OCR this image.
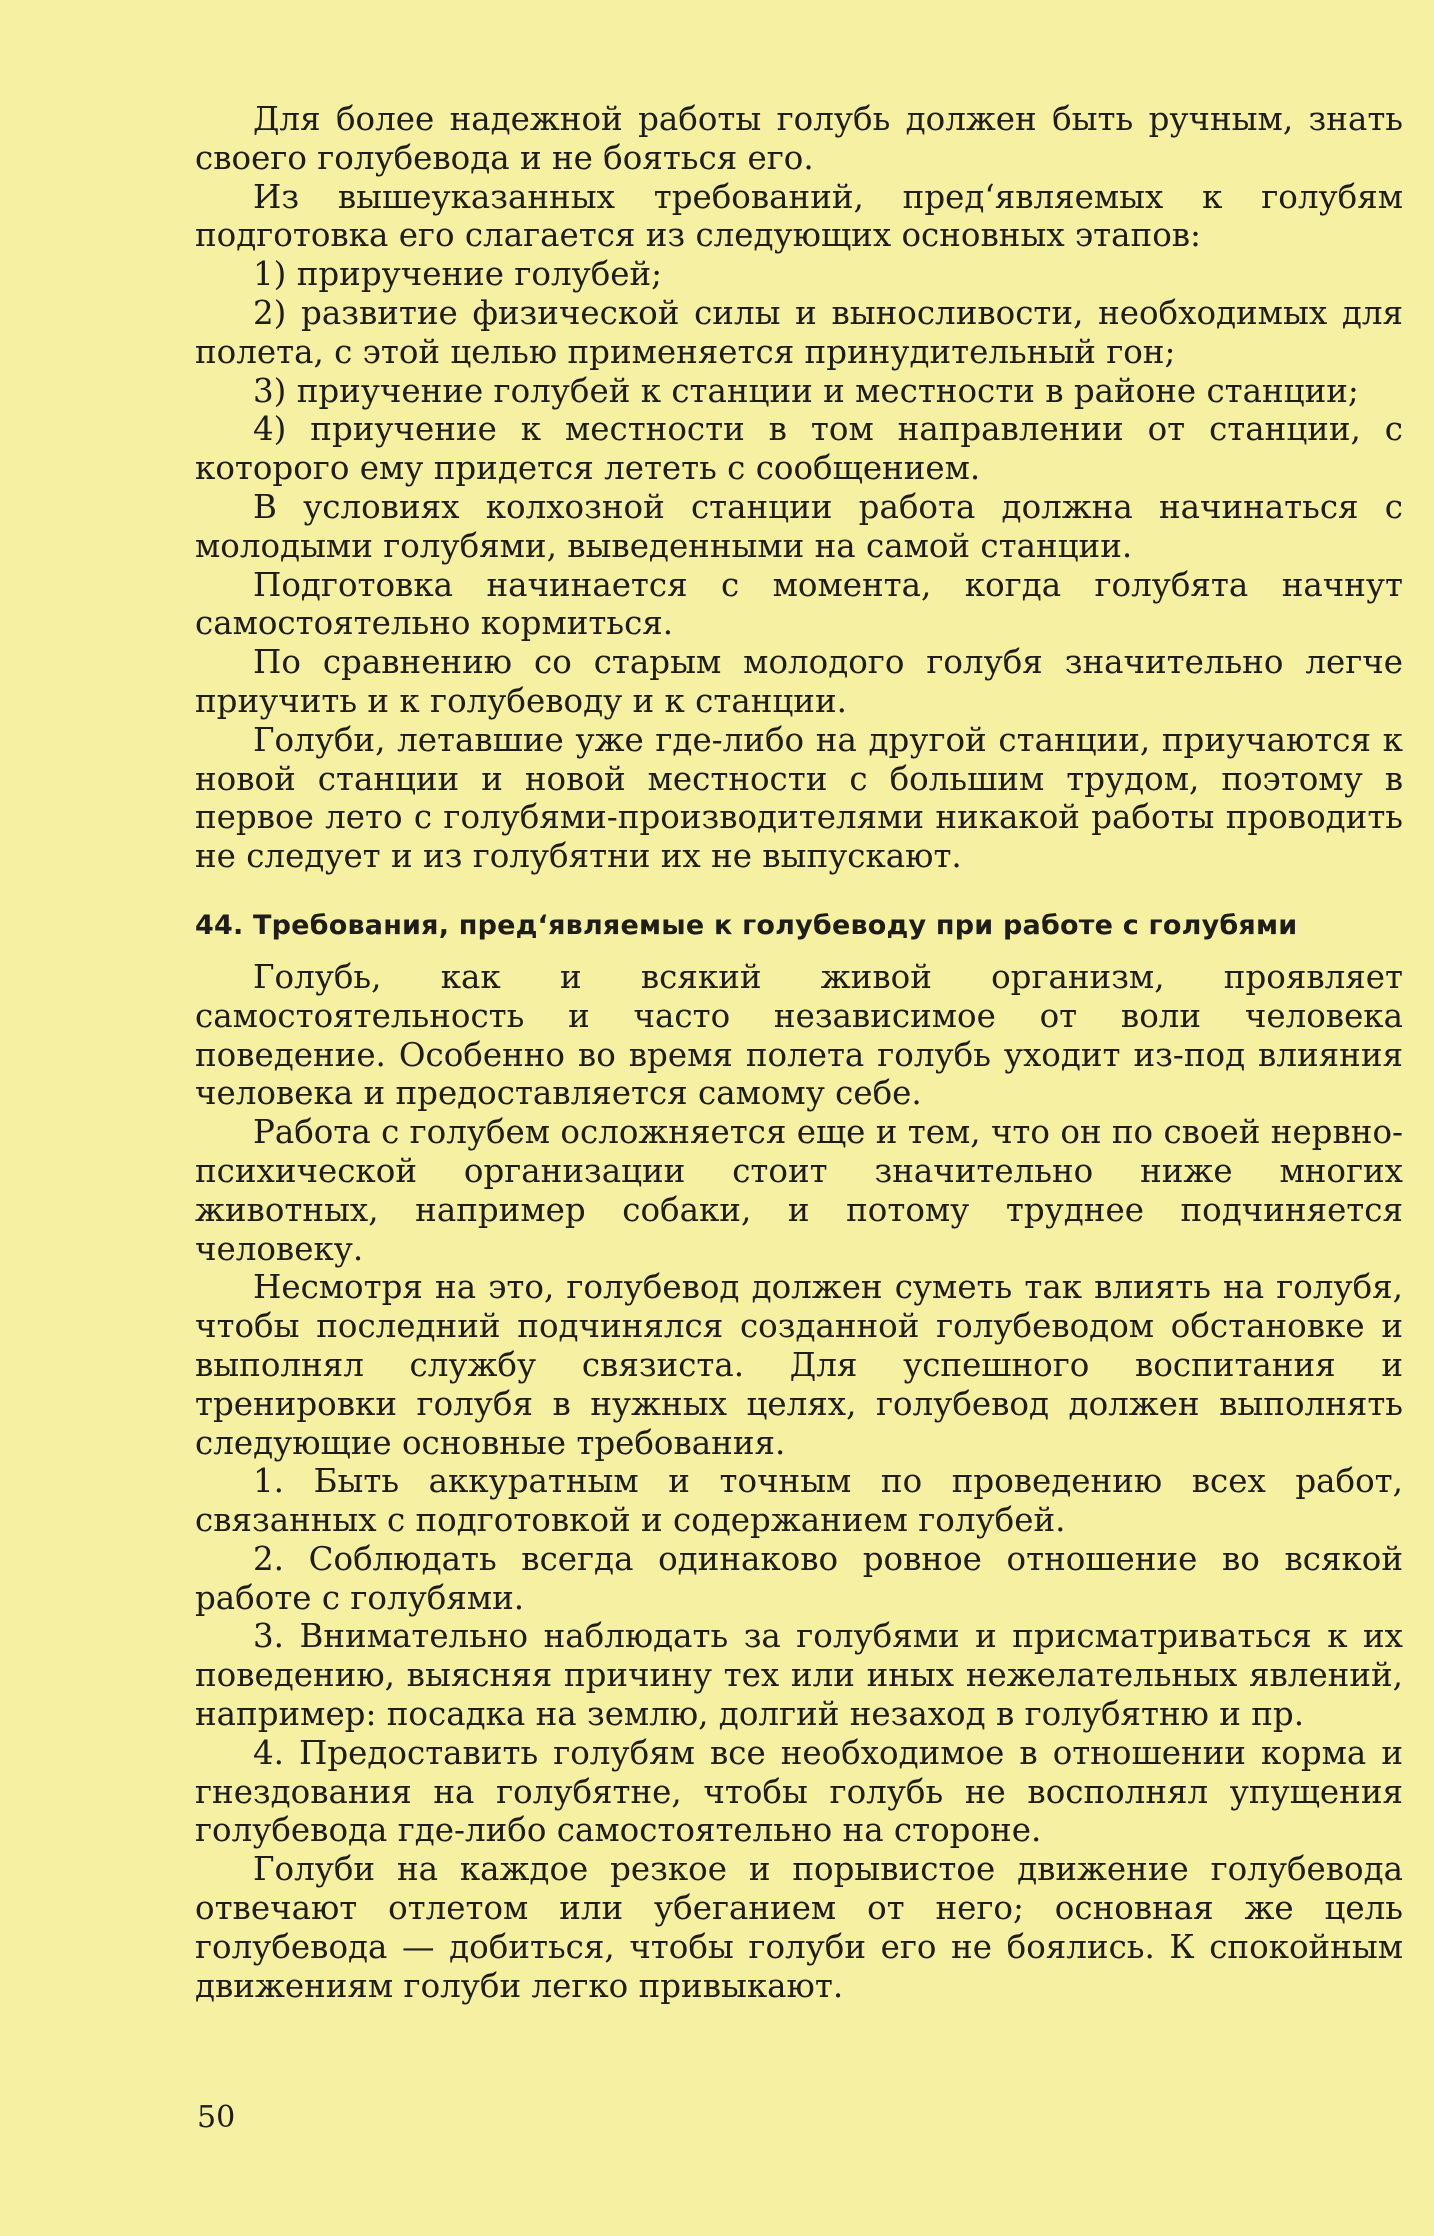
Для более надежной работы голубь должен быть ручным, знать своего голубевода и не бояться его.

Из вышеуказанных требований, пред‘являемых к голубям подготовка его слагается из следующих основных этапов:

1) приручение голубей;

2) развитие физической силы и выносливости, необходимых для полета, с этой целью применяется принудительный гон;

3) приучение голубей к станции и местности в районе станции;

4) приучение к местности в том направлении от станции, с которого ему придется лететь с сообщением.

В условиях колхозной станции работа должна начинаться с молодыми голубями, выведенными на самой станции.

Подготовка начинается с момента, когда голубята начнут самостоятельно кормиться.

По сравнению со старым молодого голубя значительно легче приучить и к голубеводу и к станции.

Голуби, летавшие уже где-либо на другой станции, приучаются к новой станции и новой местности с большим трудом, поэтому в первое лето с голубями-производителями никакой работы проводить не следует и из голубятни их не выпускают.

44. Требования, пред‘являемые к голубеводу при работе с голубями

Голубь, как и всякий живой организм, проявляет самостоятельность и часто независимое от воли человека поведение. Особенно во время полета голубь уходит из-под влияния человека и предоставляется самому себе.

Работа с голубем осложняется еще и тем, что он по своей нервно-психической организации стоит значительно ниже многих животных, например собаки, и потому труднее подчиняется человеку.

Несмотря на это, голубевод должен суметь так влиять на голубя, чтобы последний подчинялся созданной голубеводом обстановке и выполнял службу связиста. Для успешного воспитания и тренировки голубя в нужных целях, голубевод должен выполнять следующие основные требования.

1. Быть аккуратным и точным по проведению всех работ, связанных с подготовкой и содержанием голубей.

2. Соблюдать всегда одинаково ровное отношение во всякой работе с голубями.

3. Внимательно наблюдать за голубями и присматриваться к их поведению, выясняя причину тех или иных нежелательных явлений, например: посадка на землю, долгий незаход в голубятню и пр.

4. Предоставить голубям все необходимое в отношении корма и гнездования на голубятне, чтобы голубь не восполнял упущения голубевода где-либо самостоятельно на стороне.

Голуби на каждое резкое и порывистое движение голубевода отвечают отлетом или убеганием от него; основная же цель голубевода — добиться, чтобы голуби его не боялись. К спокойным движениям голуби легко привыкают.

50
